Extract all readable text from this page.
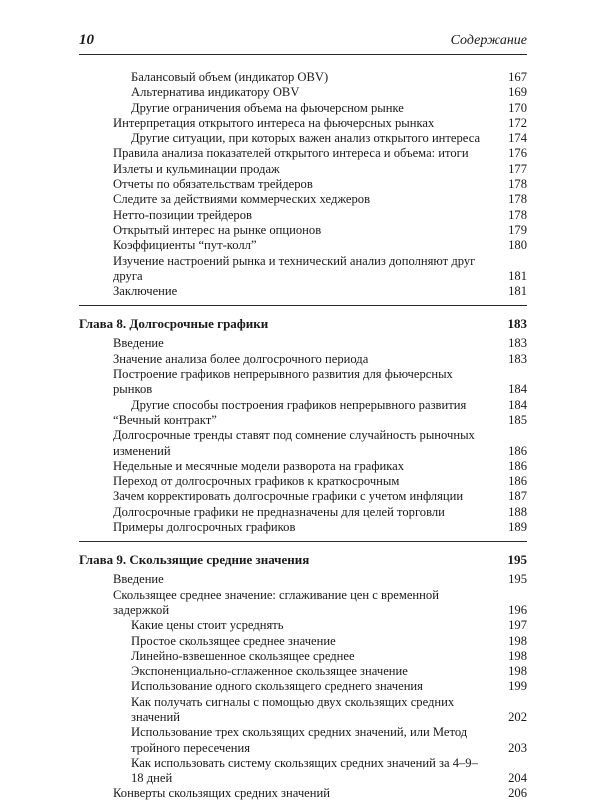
10	Содержание
Балансовый объем (индикатор OBV)	167
Альтернатива индикатору OBV	169
Другие ограничения объема на фьючерсном рынке	170
Интерпретация открытого интереса на фьючерсных рынках	172
Другие ситуации, при которых важен анализ открытого интереса	174
Правила анализа показателей открытого интереса и объема: итоги	176
Излеты и кульминации продаж	177
Отчеты по обязательствам трейдеров	178
Следите за действиями коммерческих хеджеров	178
Нетто-позиции трейдеров	178
Открытый интерес на рынке опционов	179
Коэффициенты “пут-колл”	180
Изучение настроений рынка и технический анализ дополняют друг друга	181
Заключение	181
Глава 8. Долгосрочные графики	183
Введение	183
Значение анализа более долгосрочного периода	183
Построение графиков непрерывного развития для фьючерсных рынков	184
Другие способы построения графиков непрерывного развития	184
“Вечный контракт”	185
Долгосрочные тренды ставят под сомнение случайность рыночных изменений	186
Недельные и месячные модели разворота на графиках	186
Переход от долгосрочных графиков к краткосрочным	186
Зачем корректировать долгосрочные графики с учетом инфляции	187
Долгосрочные графики не предназначены для целей торговли	188
Примеры долгосрочных графиков	189
Глава 9. Скользящие средние значения	195
Введение	195
Скользящее среднее значение: сглаживание цен с временной задержкой	196
Какие цены стоит усреднять	197
Простое скользящее среднее значение	198
Линейно-взвешенное скользящее среднее	198
Экспоненциально-сглаженное скользящее значение	198
Использование одного скользящего среднего значения	199
Как получать сигналы с помощью двух скользящих средних значений	202
Использование трех скользящих средних значений, или Метод тройного пересечения	203
Как использовать систему скользящих средних значений за 4–9–18 дней	204
Конверты скользящих средних значений	206
